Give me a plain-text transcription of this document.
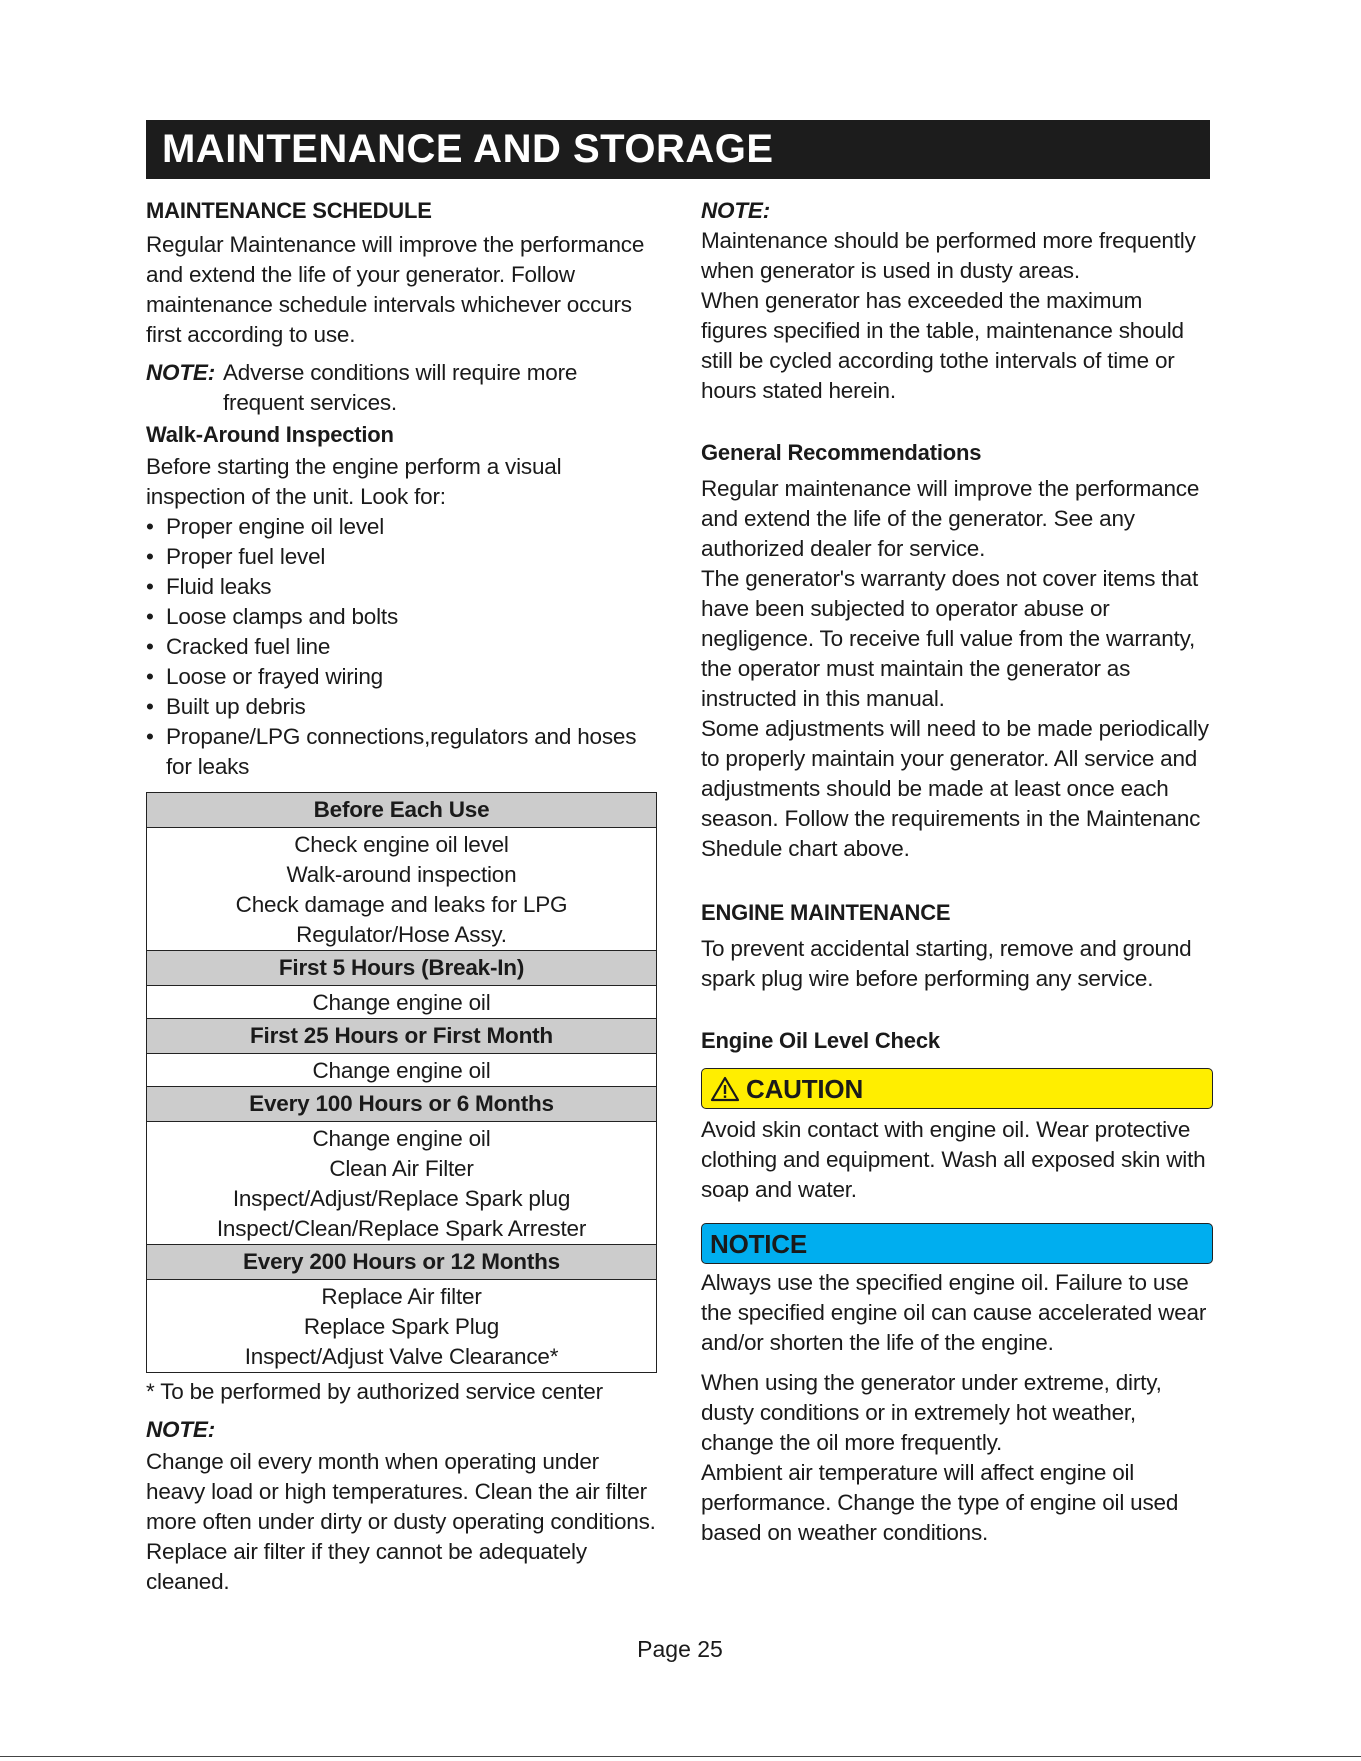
MAINTENANCE AND STORAGE
MAINTENANCE SCHEDULE

Regular Maintenance will improve the performance and extend the life of your generator. Follow maintenance schedule intervals whichever occurs first according to use.

NOTE: Adverse conditions will require more frequent services.
Walk-Around Inspection

Before starting the engine perform a visual inspection of the unit. Look for:

• Proper engine oil level
• Proper fuel level
• Fluid leaks
• Loose clamps and bolts
• Cracked fuel line
• Loose or frayed wiring
• Built up debris
• Propane/LPG connections,regulators and hoses for leaks
Before Each Use
Check engine oil level
Walk-around inspection
Check damage and leaks for LPG
Regulator/Hose Assy.
First 5 Hours (Break-In)
Change engine oil
First 25 Hours or First Month
Change engine oil
Every 100 Hours or 6 Months
Change engine oil
Clean Air Filter
Inspect/Adjust/Replace Spark plug
Inspect/Clean/Replace Spark Arrester
Every 200 Hours or 12 Months
Replace Air filter
Replace Spark Plug
Inspect/Adjust Valve Clearance*

* To be performed by authorized service center

NOTE:

Change oil every month when operating under heavy load or high temperatures. Clean the air filter more often under dirty or dusty operating conditions. Replace air filter if they cannot be adequately cleaned.

NOTE:

Maintenance should be performed more frequently when generator is used in dusty areas.

When generator has exceeded the maximum figures specified in the table, maintenance should still be cycled according tothe intervals of time or hours stated herein.

General Recommendations

Regular maintenance will improve the performance and extend the life of the generator. See any authorized dealer for service.

The generator's warranty does not cover items that have been subjected to operator abuse or negligence. To receive full value from the warranty, the operator must maintain the generator as instructed in this manual.

Some adjustments will need to be made periodically to properly maintain your generator. All service and adjustments should be made at least once each season. Follow the requirements in the Maintenanc Shedule chart above.

ENGINE MAINTENANCE

To prevent accidental starting, remove and ground spark plug wire before performing any service.

Engine Oil Level Check
CAUTION

Avoid skin contact with engine oil. Wear protective clothing and equipment. Wash all exposed skin with soap and water.

NOTICE

Always use the specified engine oil. Failure to use the specified engine oil can cause accelerated wear and/or shorten the life of the engine.

When using the generator under extreme, dirty, dusty conditions or in extremely hot weather, change the oil more frequently.

Ambient air temperature will affect engine oil performance. Change the type of engine oil used based on weather conditions.

Page 25
